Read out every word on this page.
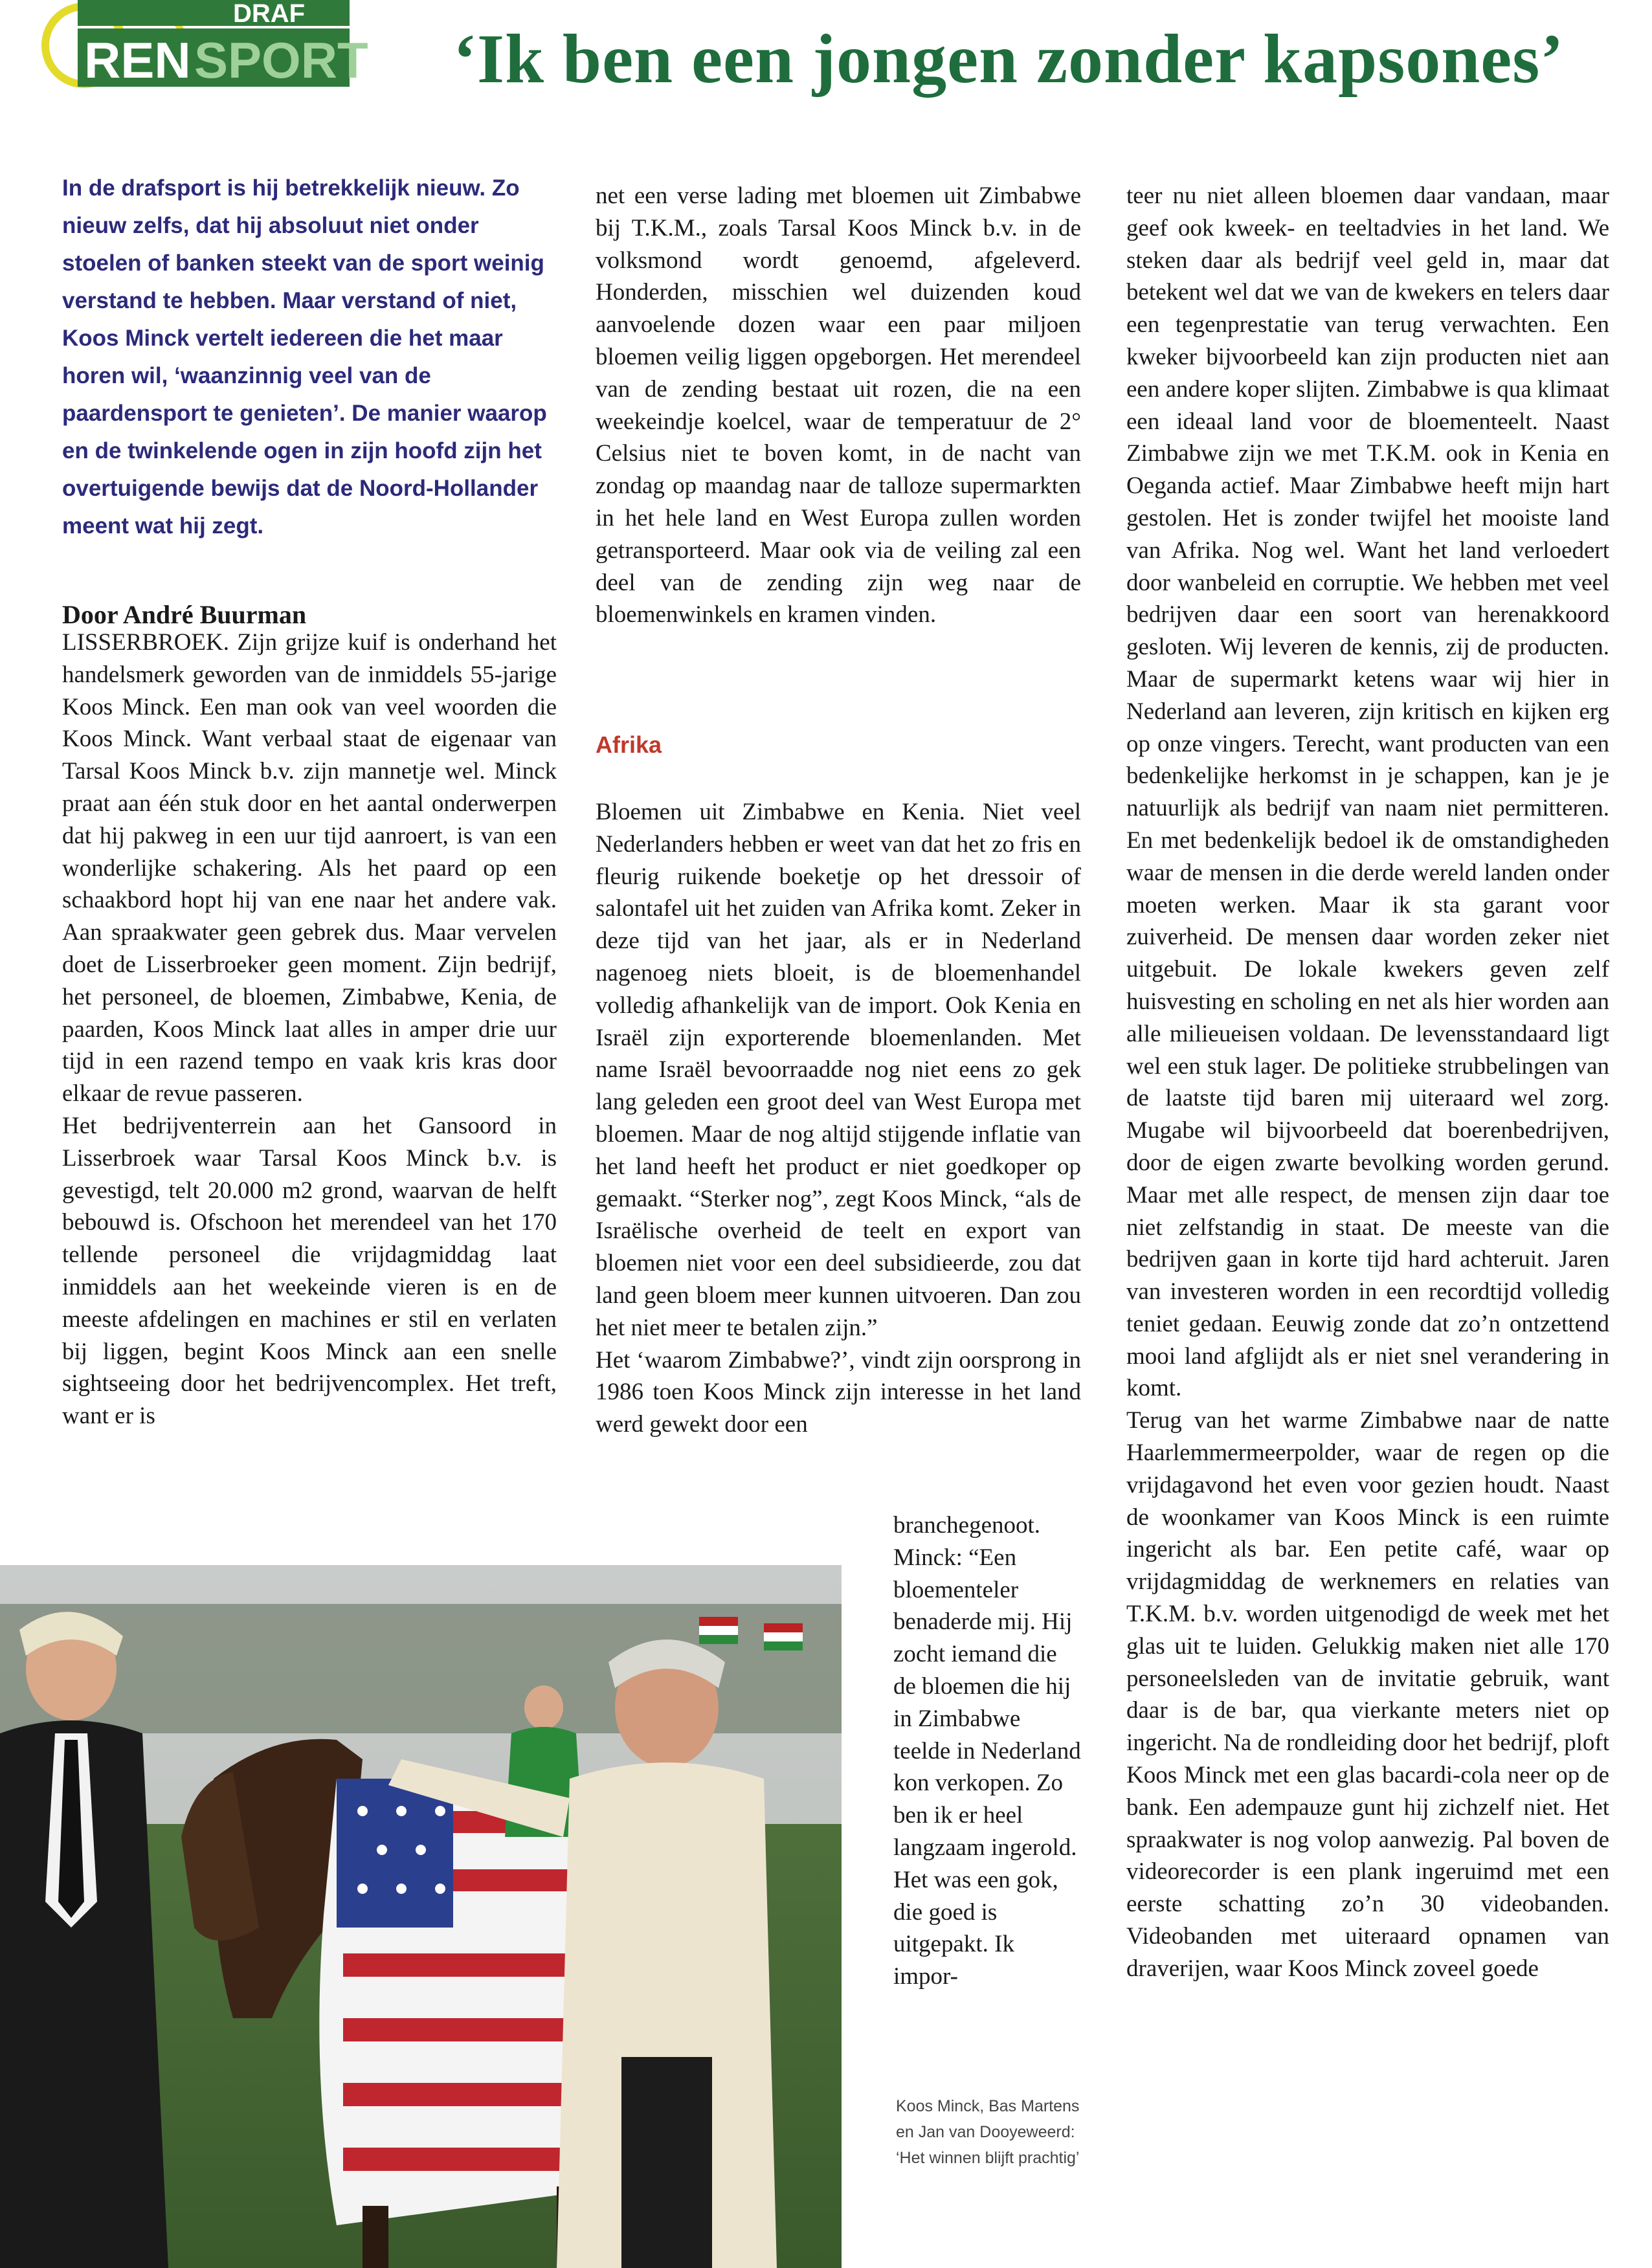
DRAF
REN SPORT ‘Ik ben een jongen zonder kapsones’
In de drafsport is hij betrekkelijk nieuw. Zo nieuw zelfs, dat hij absoluut niet onder stoelen of banken steekt van de sport weinig verstand te hebben. Maar verstand of niet, Koos Minck vertelt iedereen die het maar horen wil, ‘waanzinnig veel van de paardensport te genieten’. De manier waarop en de twinkelende ogen in zijn hoofd zijn het overtuigende bewijs dat de Noord-Hollander meent wat hij zegt.
Door André Buurman

LISSERBROEK. Zijn grijze kuif is onderhand het handelsmerk geworden van de inmiddels 55-jarige Koos Minck. Een man ook van veel woorden die Koos Minck. Want verbaal staat de eigenaar van Tarsal Koos Minck b.v. zijn mannetje wel. Minck praat aan één stuk door en het aantal onderwerpen dat hij pakweg in een uur tijd aanroert, is van een wonderlijke schakering. Als het paard op een schaakbord hopt hij van ene naar het andere vak. Aan spraakwater geen gebrek dus. Maar vervelen doet de Lisserbroeker geen moment. Zijn bedrijf, het personeel, de bloemen, Zimbabwe, Kenia, de paarden, Koos Minck laat alles in amper drie uur tijd in een razend tempo en vaak kris kras door elkaar de revue passeren.

Het bedrijventerrein aan het Gansoord in Lisserbroek waar Tarsal Koos Minck b.v. is gevestigd, telt 20.000 m2 grond, waarvan de helft bebouwd is. Ofschoon het merendeel van het 170 tellende personeel die vrijdagmiddag laat inmiddels aan het weekeinde vieren is en de meeste afdelingen en machines er stil en verlaten bij liggen, begint Koos Minck aan een snelle sightseeing door het bedrijvencomplex. Het treft, want er is

net een verse lading met bloemen uit Zimbabwe bij T.K.M., zoals Tarsal Koos Minck b.v. in de volksmond wordt genoemd, afgeleverd. Honderden, misschien wel duizenden koud aanvoelende dozen waar een paar miljoen bloemen veilig liggen opgeborgen. Het merendeel van de zending bestaat uit rozen, die na een weekeindje koelcel, waar de temperatuur de 2° Celsius niet te boven komt, in de nacht van zondag op maandag naar de talloze supermarkten in het hele land en West Europa zullen worden getransporteerd. Maar ook via de veiling zal een deel van de zending zijn weg naar de bloemenwinkels en kramen vinden.

Afrika

Bloemen uit Zimbabwe en Kenia. Niet veel Nederlanders hebben er weet van dat het zo fris en fleurig ruikende boeketje op het dressoir of salontafel uit het zuiden van Afrika komt. Zeker in deze tijd van het jaar, als er in Nederland nagenoeg niets bloeit, is de bloemenhandel volledig afhankelijk van de import. Ook Kenia en Israël zijn exporterende bloemenlanden. Met name Israël bevoorraadde nog niet eens zo gek lang geleden een groot deel van West Europa met bloemen. Maar de nog altijd stijgende inflatie van het land heeft het product er niet goedkoper op gemaakt. “Sterker nog”, zegt Koos Minck, “als de Israëlische overheid de teelt en export van bloemen niet voor een deel subsidieerde, zou dat land geen bloem meer kunnen uitvoeren. Dan zou het niet meer te betalen zijn.”

Het ‘waarom Zimbabwe?’, vindt zijn oorsprong in 1986 toen Koos Minck zijn interesse in het land werd gewekt door een

branchegenoot. Minck: “Een bloementeler benaderde mij. Hij zocht iemand die de bloemen die hij in Zimbabwe teelde in Nederland kon verkopen. Zo ben ik er heel langzaam ingerold. Het was een gok, die goed is uitgepakt. Ik impor-

teer nu niet alleen bloemen daar vandaan, maar geef ook kweek- en teeltadvies in het land. We steken daar als bedrijf veel geld in, maar dat betekent wel dat we van de kwekers en telers daar een tegenprestatie van terug verwachten. Een kweker bijvoorbeeld kan zijn producten niet aan een andere koper slijten. Zimbabwe is qua klimaat een ideaal land voor de bloementeelt. Naast Zimbabwe zijn we met T.K.M. ook in Kenia en Oeganda actief. Maar Zimbabwe heeft mijn hart gestolen. Het is zonder twijfel het mooiste land van Afrika. Nog wel. Want het land verloedert door wanbeleid en corruptie. We hebben met veel bedrijven daar een soort van herenakkoord gesloten. Wij leveren de kennis, zij de producten. Maar de supermarkt ketens waar wij hier in Nederland aan leveren, zijn kritisch en kijken erg op onze vingers. Terecht, want producten van een bedenkelijke herkomst in je schappen, kan je je natuurlijk als bedrijf van naam niet permitteren. En met bedenkelijk bedoel ik de omstandigheden waar de mensen in die derde wereld landen onder moeten werken. Maar ik sta garant voor zuiverheid. De mensen daar worden zeker niet uitgebuit. De lokale kwekers geven zelf huisvesting en scholing en net als hier worden aan alle milieueisen voldaan. De levensstandaard ligt wel een stuk lager. De politieke strubbelingen van de laatste tijd baren mij uiteraard wel zorg. Mugabe wil bijvoorbeeld dat boerenbedrijven, door de eigen zwarte bevolking worden gerund. Maar met alle respect, de mensen zijn daar toe niet zelfstandig in staat. De meeste van die bedrijven gaan in korte tijd hard achteruit. Jaren van investeren worden in een recordtijd volledig teniet gedaan. Eeuwig zonde dat zo’n ontzettend mooi land afglijdt als er niet snel verandering in komt.

Terug van het warme Zimbabwe naar de natte Haarlemmermeerpolder, waar de regen op die vrijdagavond het even voor gezien houdt. Naast de woonkamer van Koos Minck is een ruimte ingericht als bar. Een petite café, waar op vrijdagmiddag de werknemers en relaties van T.K.M. b.v. worden uitgenodigd de week met het glas uit te luiden. Gelukkig maken niet alle 170 personeelsleden van de invitatie gebruik, want daar is de bar, qua vierkante meters niet op ingericht. Na de rondleiding door het bedrijf, ploft Koos Minck met een glas bacardi-cola neer op de bank. Een adempauze gunt hij zichzelf niet. Het spraakwater is nog volop aanwezig. Pal boven de videorecorder is een plank ingeruimd met een eerste schatting zo’n 30 videobanden. Videobanden met uiteraard opnamen van draverijen, waar Koos Minck zoveel goede

Koos Minck, Bas Martens en Jan van Dooyeweerd: ‘Het winnen blijft prachtig’
